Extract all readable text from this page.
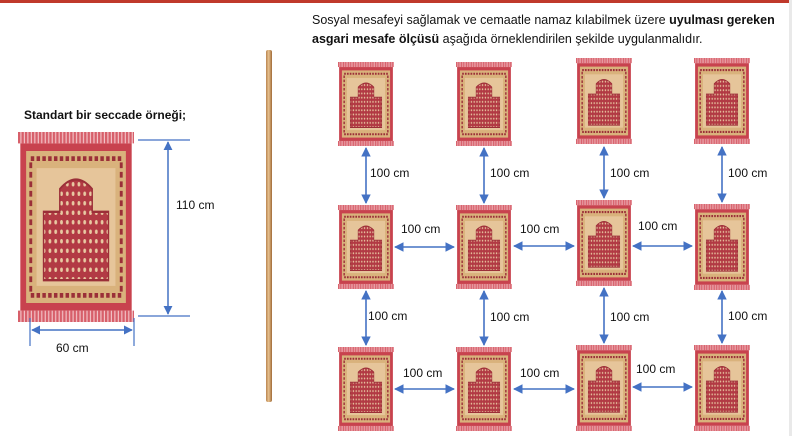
Standart bir seccade örneği;
Sosyal mesafeyi sağlamak ve cemaatle namaz kılabilmek üzere uyulması gereken asgari mesafe ölçüsü aşağıda örneklendirilen şekilde uygulanmalıdır.
110 cm
60 cm
100 cm	100 cm	100 cm	100 cm
100 cm	100 cm	100 cm	100 cm
100 cm	100 cm	100 cm
100 cm	100 cm	100 cm
